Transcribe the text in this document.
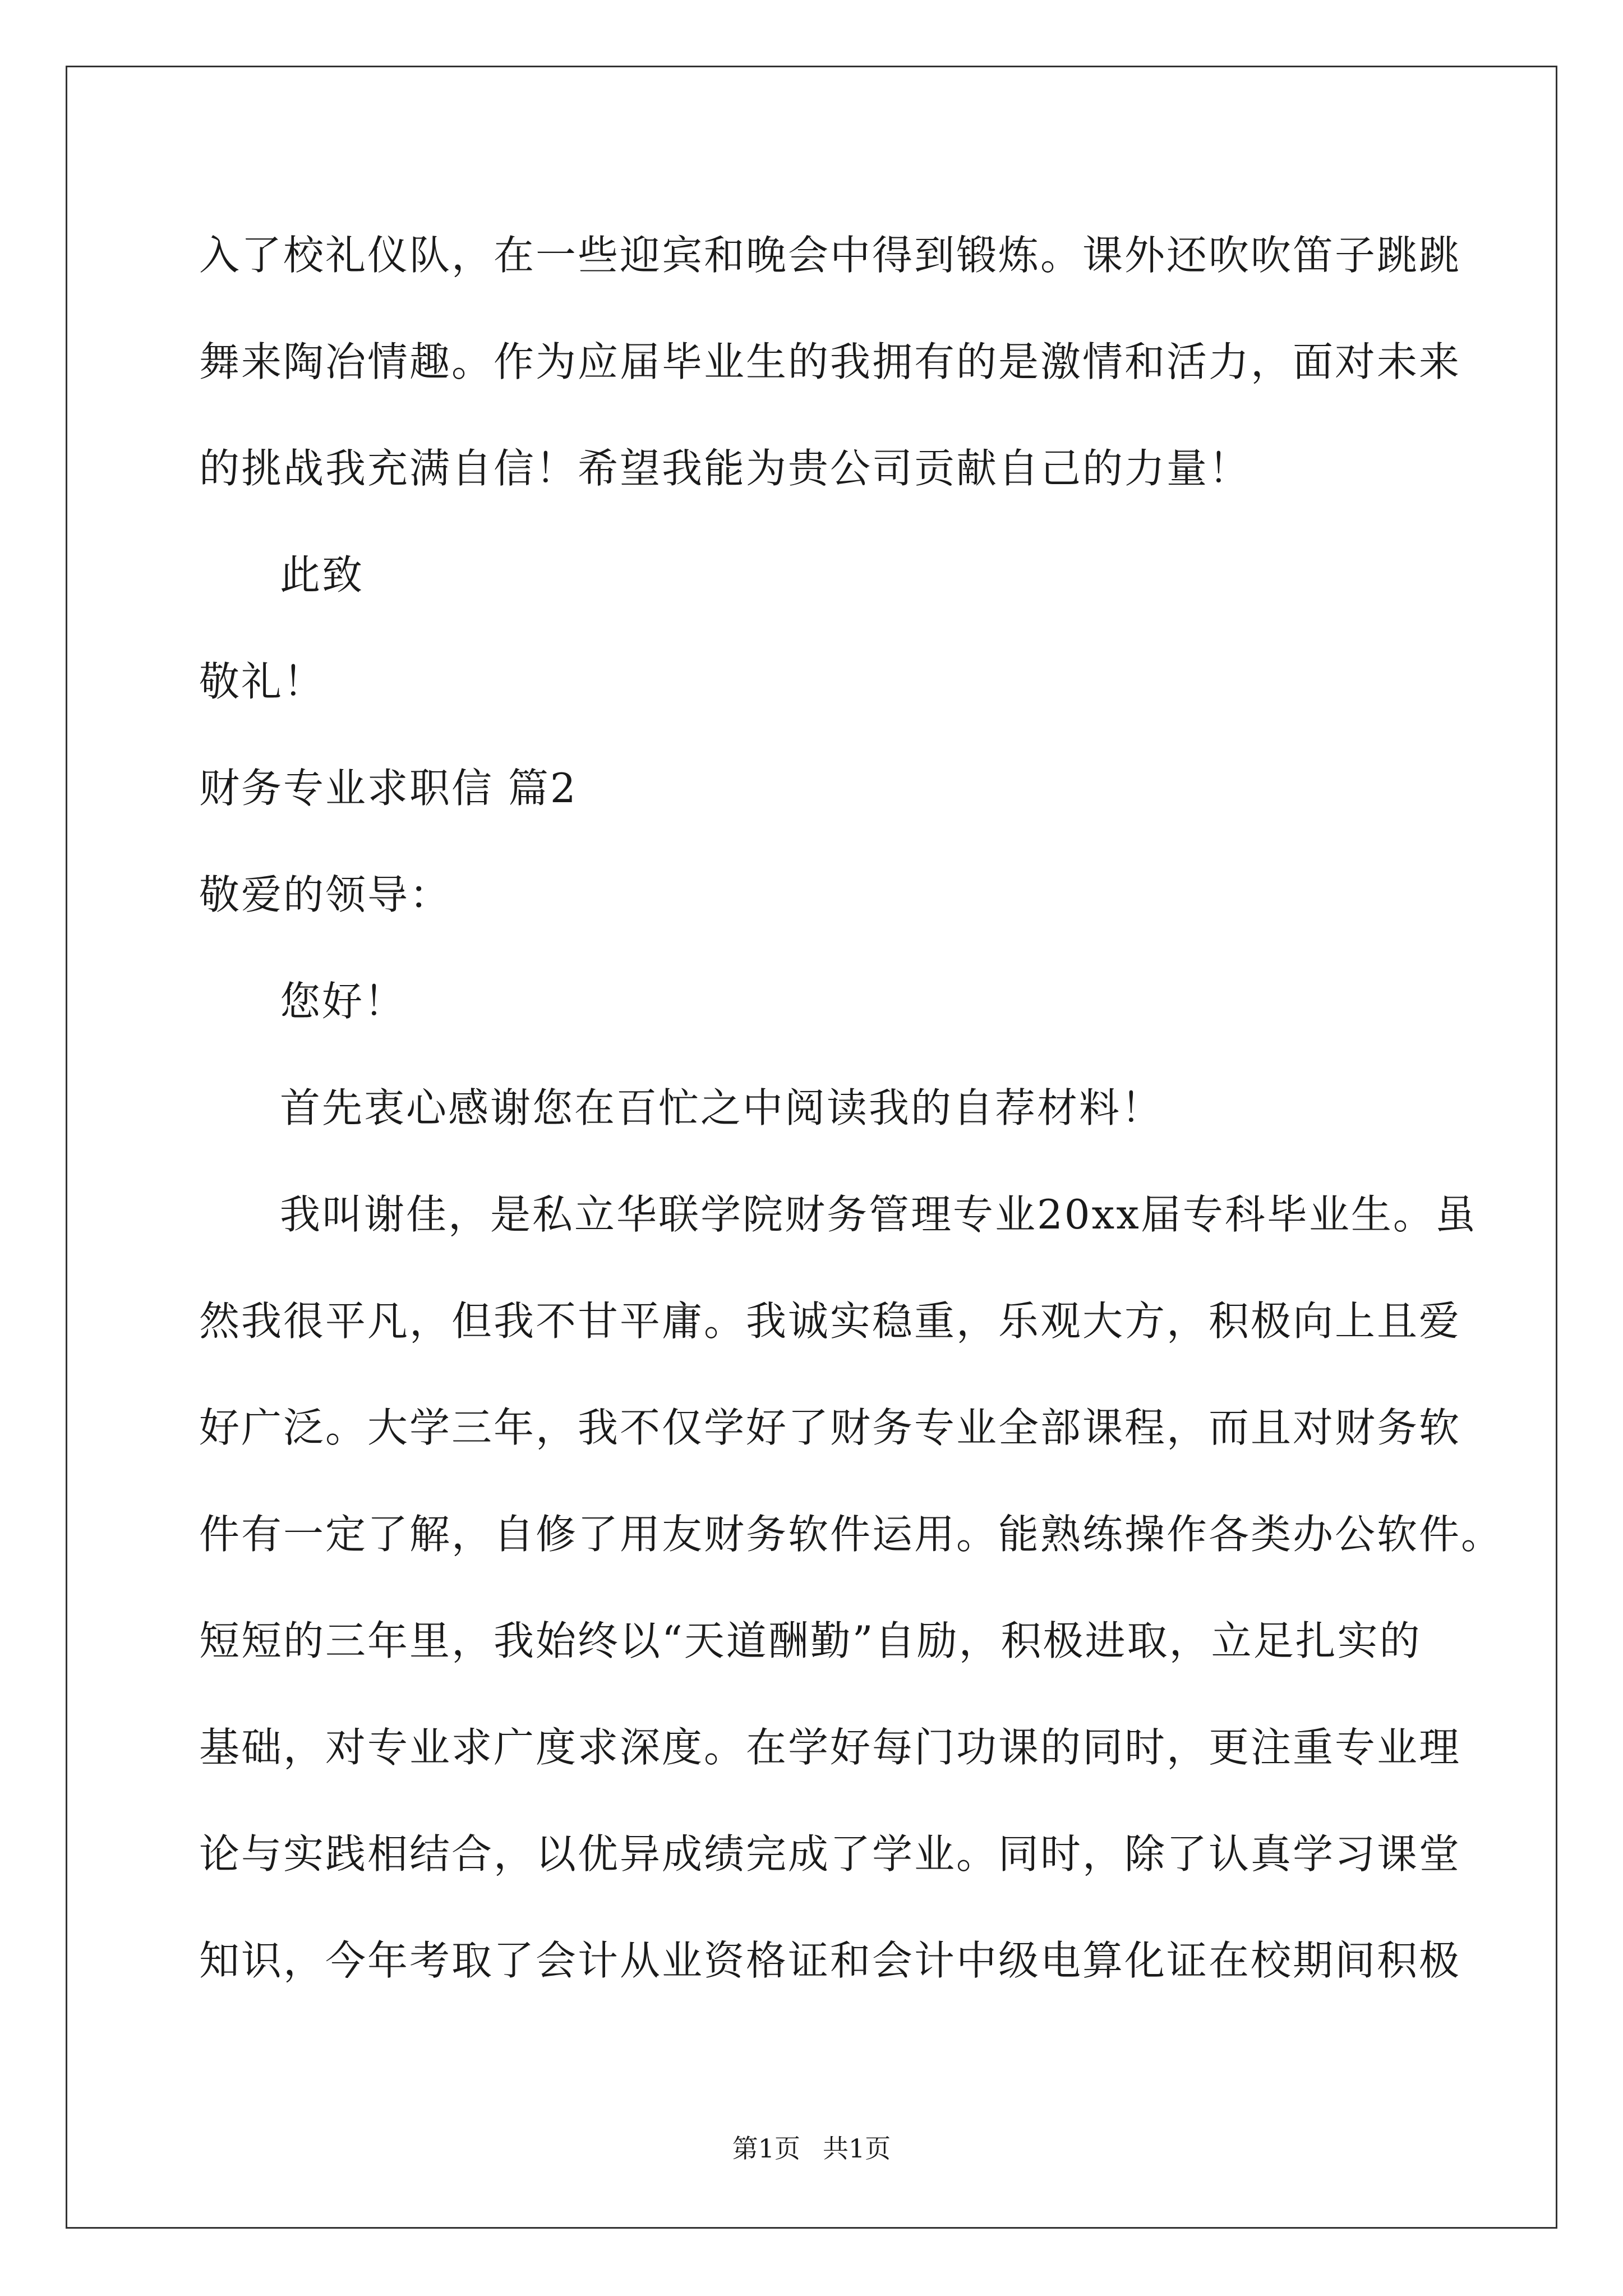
入了校礼仪队，在一些迎宾和晚会中得到锻炼。课外还吹吹笛子跳跳
舞来陶冶情趣。作为应届毕业生的我拥有的是激情和活力，面对未来
的挑战我充满自信！希望我能为贵公司贡献自己的力量！
此致
敬礼！
财务专业求职信 篇2
敬爱的领导：
您好！
首先衷心感谢您在百忙之中阅读我的自荐材料！
我叫谢佳，是私立华联学院财务管理专业20xx届专科毕业生。虽
然我很平凡，但我不甘平庸。我诚实稳重，乐观大方，积极向上且爱
好广泛。大学三年，我不仅学好了财务专业全部课程，而且对财务软
件有一定了解，自修了用友财务软件运用。能熟练操作各类办公软件。
短短的三年里，我始终以“天道酬勤”自励，积极进取，立足扎实的
基础，对专业求广度求深度。在学好每门功课的同时，更注重专业理
论与实践相结合，以优异成绩完成了学业。同时，除了认真学习课堂
知识，今年考取了会计从业资格证和会计中级电算化证在校期间积极
第1页 共1页
